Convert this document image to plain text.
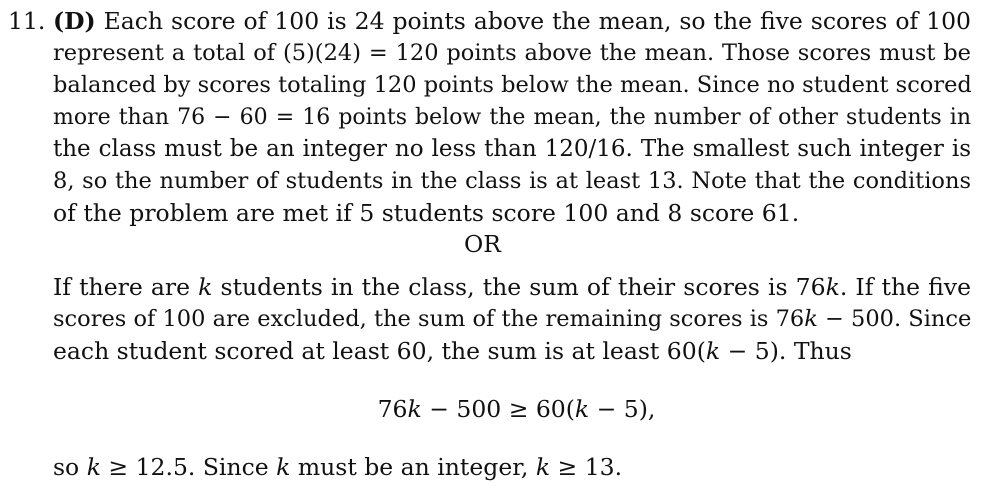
11. (D) Each score of 100 is 24 points above the mean, so the five scores of 100
represent a total of (5)(24) = 120 points above the mean. Those scores must be
balanced by scores totaling 120 points below the mean. Since no student scored
more than 76 − 60 = 16 points below the mean, the number of other students in
the class must be an integer no less than 120/16. The smallest such integer is
8, so the number of students in the class is at least 13. Note that the conditions
of the problem are met if 5 students score 100 and 8 score 61.
OR
If there are k students in the class, the sum of their scores is 76k. If the five
scores of 100 are excluded, the sum of the remaining scores is 76k − 500. Since
each student scored at least 60, the sum is at least 60(k − 5). Thus
76k − 500 ≥ 60(k − 5),
so k ≥ 12.5. Since k must be an integer, k ≥ 13.
